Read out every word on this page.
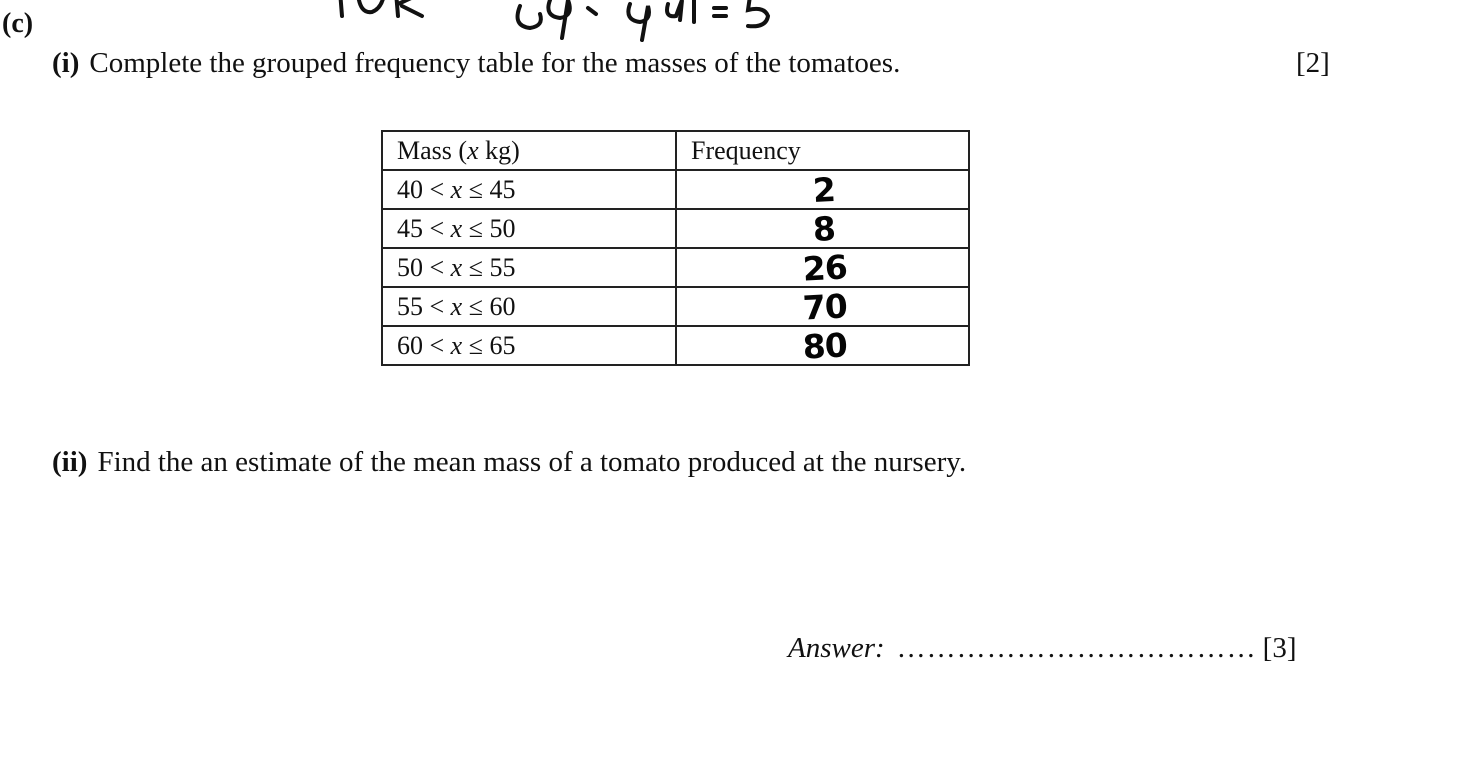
(c)
(i) Complete the grouped frequency table for the masses of the tomatoes.	[2]
Mass (x kg)	Frequency
40 < x ≤ 45	2

45 < x ≤ 50	8

50 < x ≤ 55	26

55 < x ≤ 60	70

60 < x ≤ 65	80
(ii) Find the an estimate of the mean mass of a tomato produced at the nursery.
Answer: ……………………………… [3]
